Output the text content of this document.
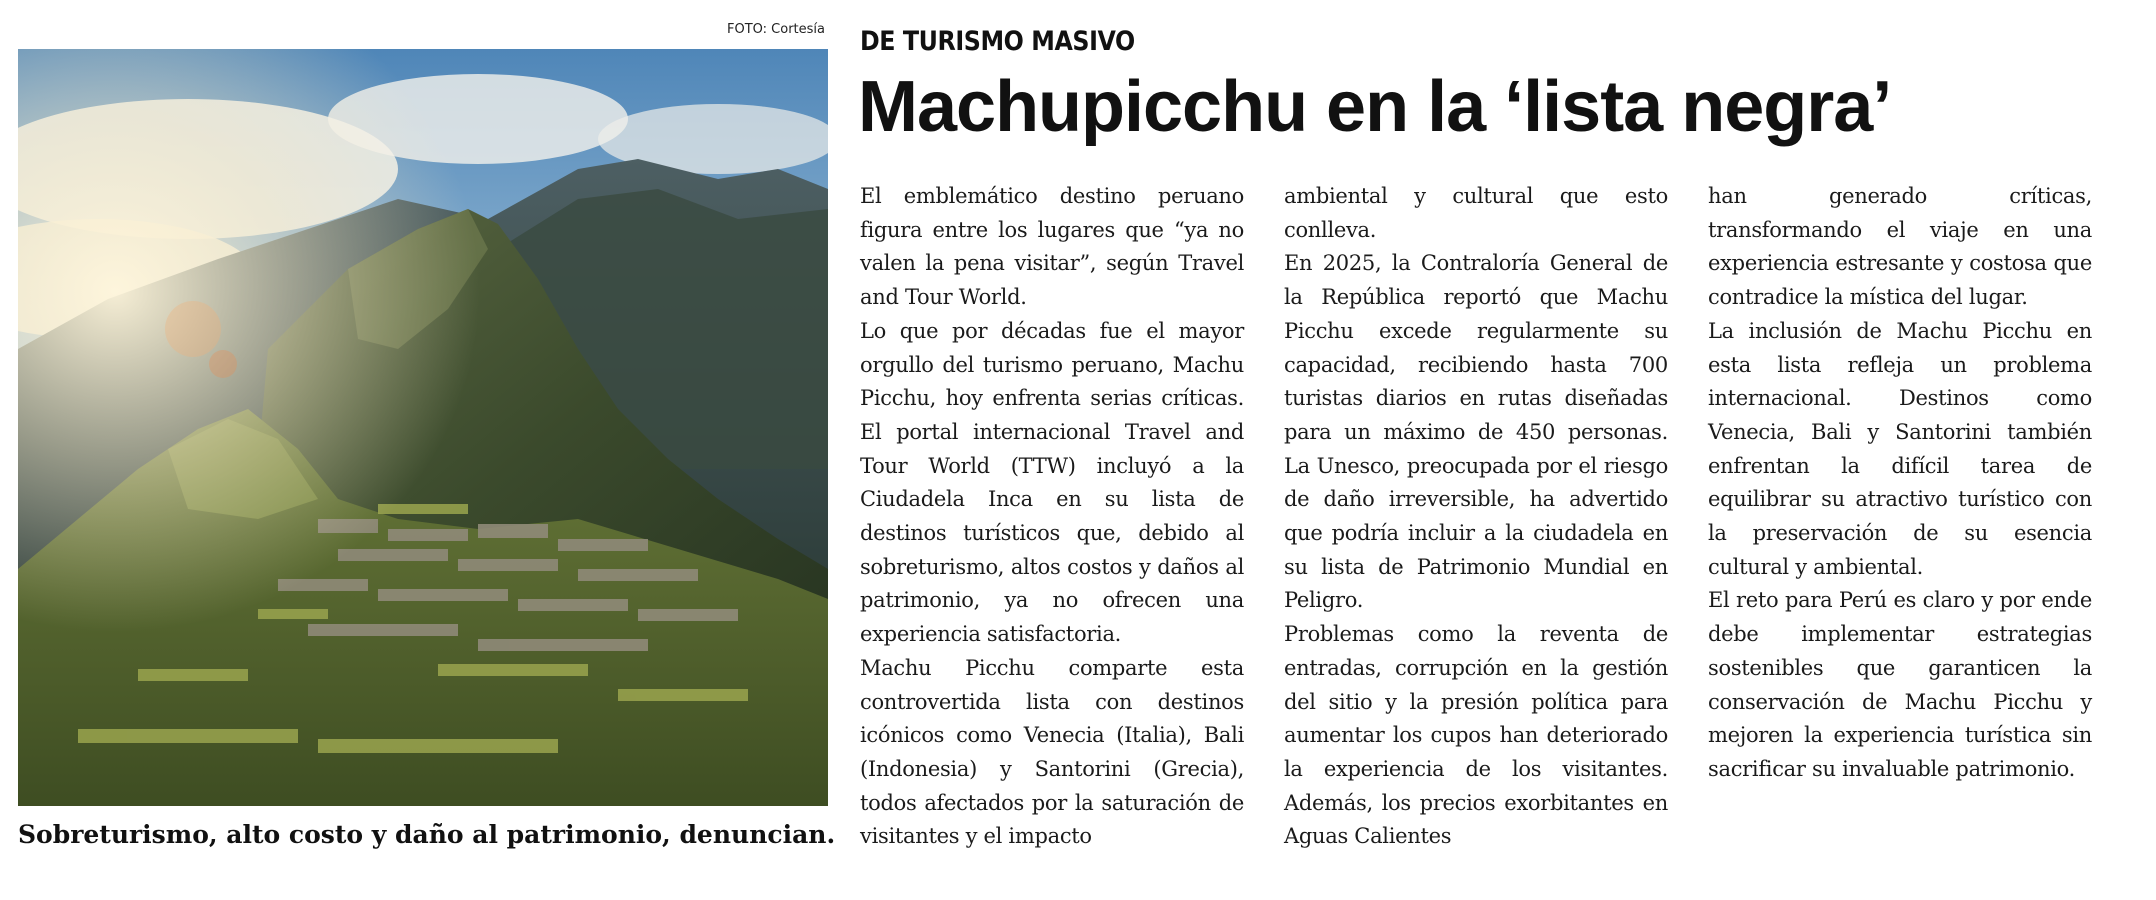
FOTO: Cortesía
Sobreturismo, alto costo y daño al patrimonio, denuncian.
DE TURISMO MASIVO
Machupicchu en la ‘lista negra’

El emblemático destino peruano figura entre los lugares que “ya no valen la pena visitar”, según Travel and Tour World.

Lo que por décadas fue el mayor orgullo del turismo peruano, Machu Picchu, hoy enfrenta serias críticas. El portal internacional Travel and Tour World (TTW) incluyó a la Ciudadela Inca en su lista de destinos turísticos que, debido al sobreturismo, altos costos y daños al patrimonio, ya no ofrecen una experiencia satisfactoria.

Machu Picchu comparte esta controvertida lista con destinos icónicos como Venecia (Italia), Bali (Indonesia) y Santorini (Grecia), todos afectados por la saturación de visitantes y el impacto

ambiental y cultural que esto conlleva.

En 2025, la Contraloría General de la República reportó que Machu Picchu excede regularmente su capacidad, recibiendo hasta 700 turistas diarios en rutas diseñadas para un máximo de 450 personas. La Unesco, preocupada por el riesgo de daño irreversible, ha advertido que podría incluir a la ciudadela en su lista de Patrimonio Mundial en Peligro.

Problemas como la reventa de entradas, corrupción en la gestión del sitio y la presión política para aumentar los cupos han deteriorado la experiencia de los visitantes. Además, los precios exorbitantes en Aguas Calientes

han generado críticas, transformando el viaje en una experiencia estresante y costosa que contradice la mística del lugar.

La inclusión de Machu Picchu en esta lista refleja un problema internacional. Destinos como Venecia, Bali y Santorini también enfrentan la difícil tarea de equilibrar su atractivo turístico con la preservación de su esencia cultural y ambiental.

El reto para Perú es claro y por ende debe implementar estrategias sostenibles que garanticen la conservación de Machu Picchu y mejoren la experiencia turística sin sacrificar su invaluable patrimonio.
